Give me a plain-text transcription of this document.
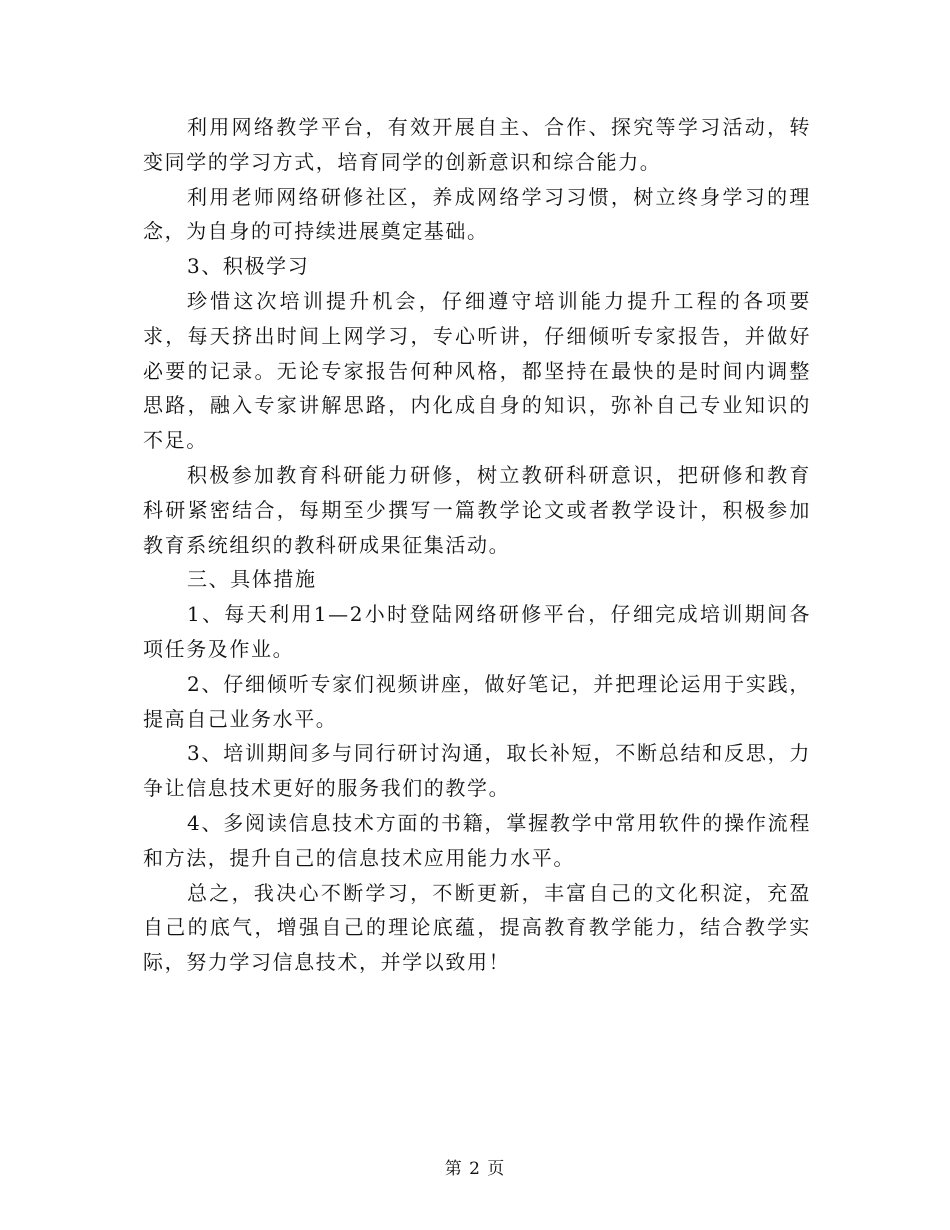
利用网络教学平台，有效开展自主、合作、探究等学习活动，转变同学的学习方式，培育同学的创新意识和综合能力。

利用老师网络研修社区，养成网络学习习惯，树立终身学习的理念，为自身的可持续进展奠定基础。

3、积极学习

珍惜这次培训提升机会，仔细遵守培训能力提升工程的各项要求，每天挤出时间上网学习，专心听讲，仔细倾听专家报告，并做好必要的记录。无论专家报告何种风格，都坚持在最快的是时间内调整思路，融入专家讲解思路，内化成自身的知识，弥补自己专业知识的不足。

积极参加教育科研能力研修，树立教研科研意识，把研修和教育科研紧密结合，每期至少撰写一篇教学论文或者教学设计，积极参加教育系统组织的教科研成果征集活动。

三、具体措施

1、每天利用1—2小时登陆网络研修平台，仔细完成培训期间各项任务及作业。

2、仔细倾听专家们视频讲座，做好笔记，并把理论运用于实践，提高自己业务水平。

3、培训期间多与同行研讨沟通，取长补短，不断总结和反思，力争让信息技术更好的服务我们的教学。

4、多阅读信息技术方面的书籍，掌握教学中常用软件的操作流程和方法，提升自己的信息技术应用能力水平。

总之，我决心不断学习，不断更新，丰富自己的文化积淀，充盈自己的底气，增强自己的理论底蕴，提高教育教学能力，结合教学实际，努力学习信息技术，并学以致用！

第 2 页
